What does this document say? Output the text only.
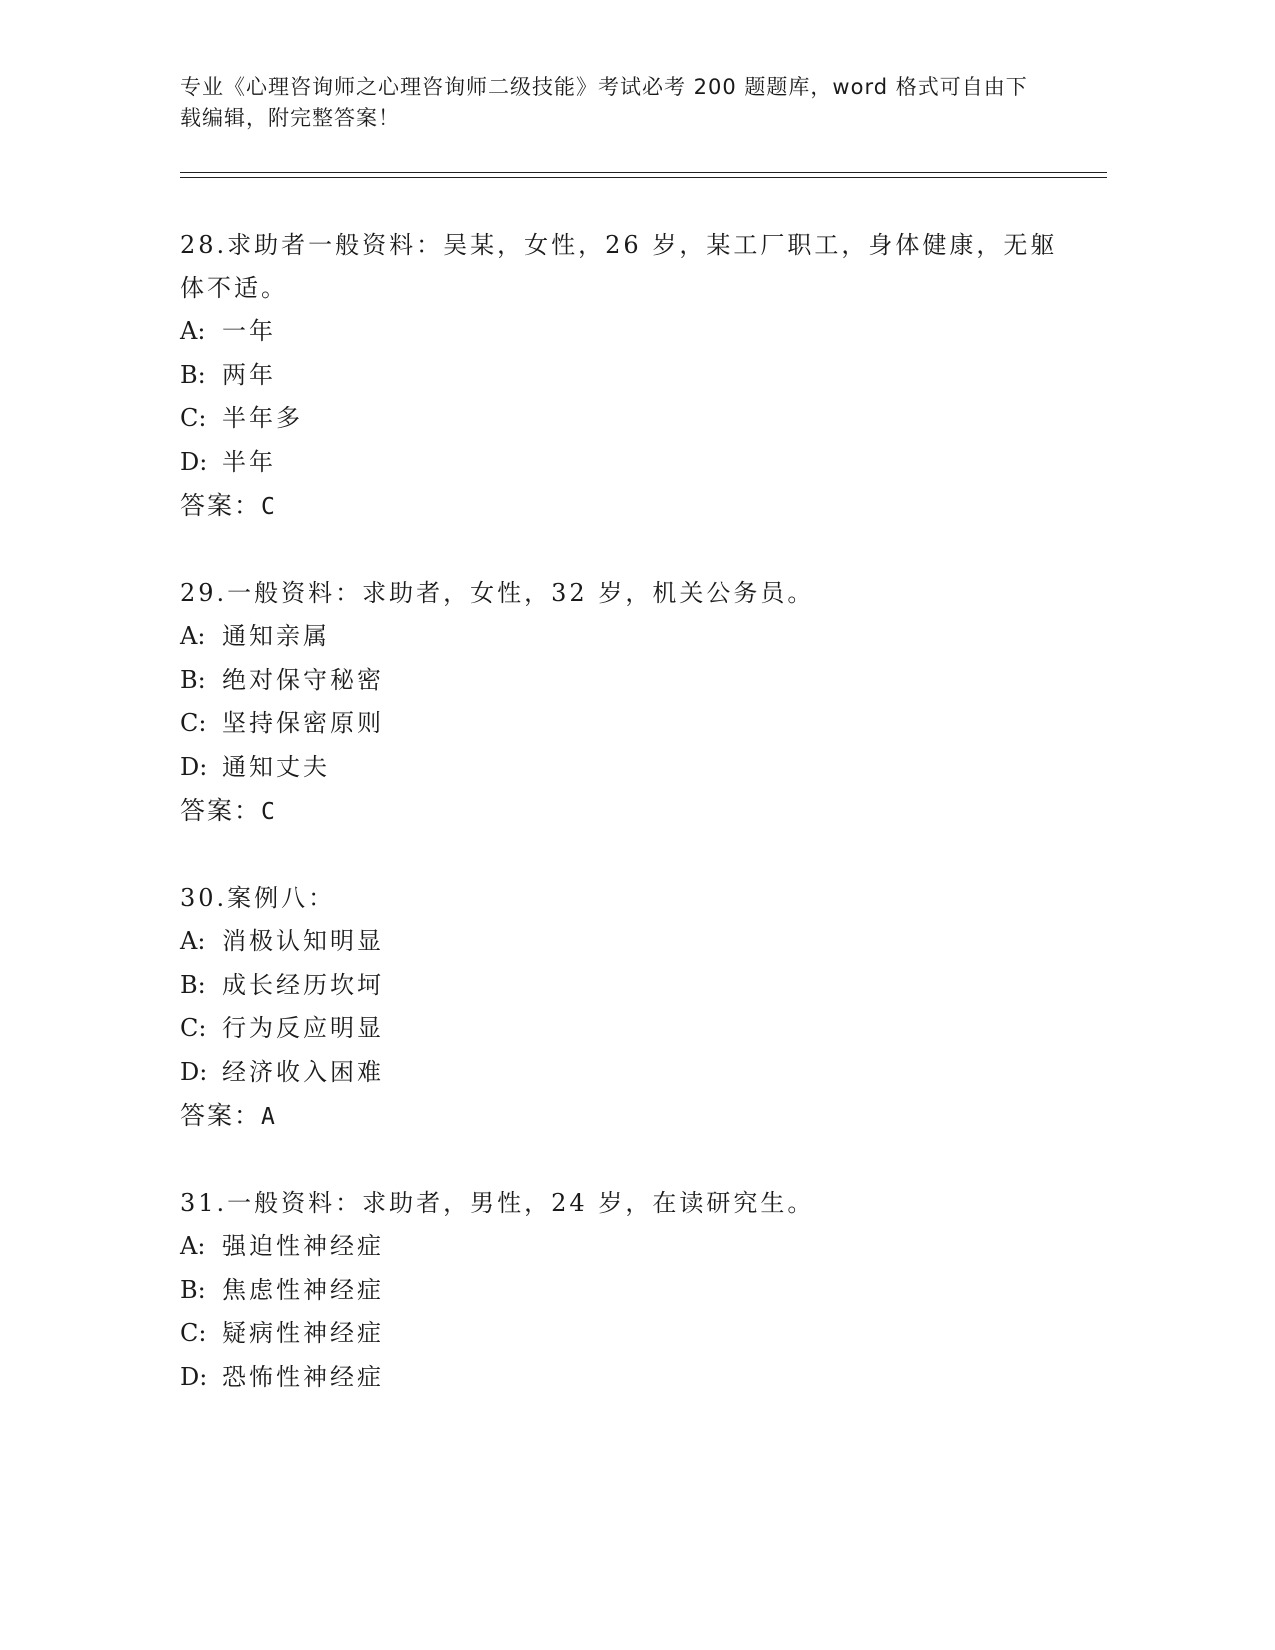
专业《心理咨询师之心理咨询师二级技能》考试必考 200 题题库，word 格式可自由下载编辑，附完整答案！

28.求助者一般资料：吴某，女性，26 岁，某工厂职工，身体健康，无躯体不适。

A: 一年

B: 两年

C: 半年多

D: 半年

答案：C

29.一般资料：求助者，女性，32 岁，机关公务员。

A: 通知亲属

B: 绝对保守秘密

C: 坚持保密原则

D: 通知丈夫

答案：C

30.案例八：

A: 消极认知明显

B: 成长经历坎坷

C: 行为反应明显

D: 经济收入困难

答案：A

31.一般资料：求助者，男性，24 岁，在读研究生。

A: 强迫性神经症

B: 焦虑性神经症

C: 疑病性神经症

D: 恐怖性神经症
